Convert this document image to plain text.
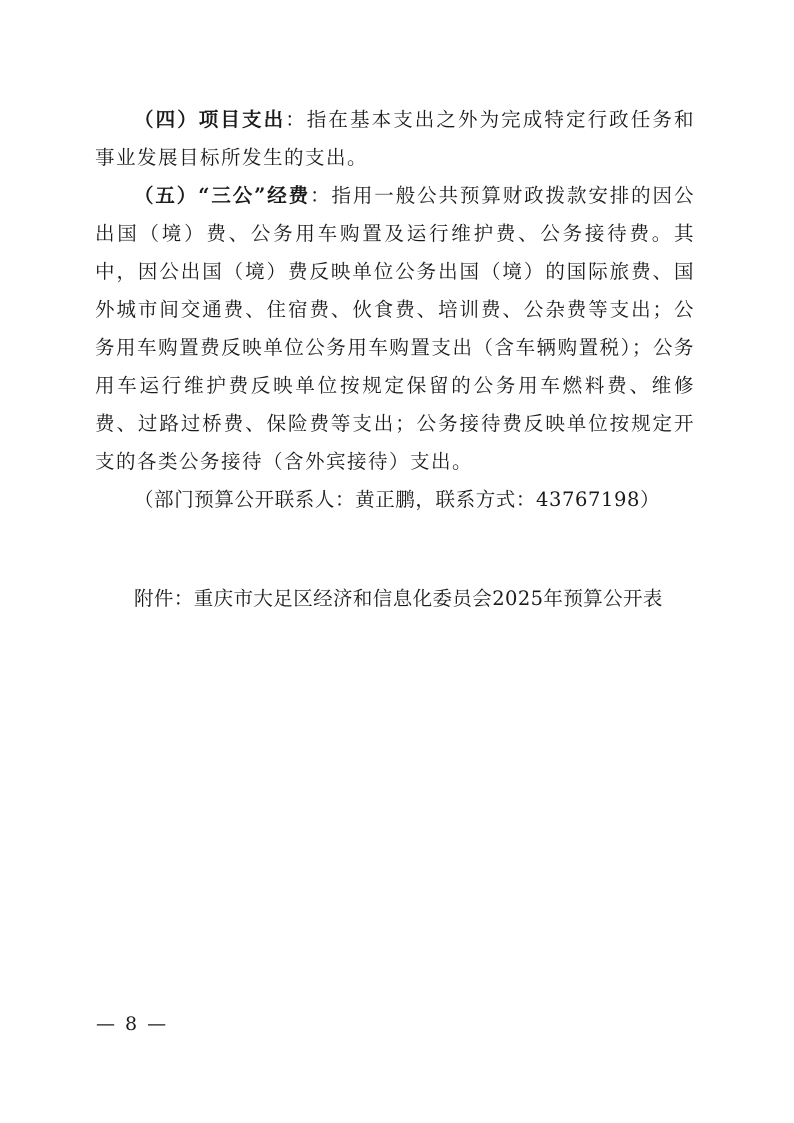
（四）项目支出：指在基本支出之外为完成特定行政任务和事业发展目标所发生的支出。

（五）“三公”经费：指用一般公共预算财政拨款安排的因公出国（境）费、公务用车购置及运行维护费、公务接待费。其中，因公出国（境）费反映单位公务出国（境）的国际旅费、国外城市间交通费、住宿费、伙食费、培训费、公杂费等支出；公务用车购置费反映单位公务用车购置支出（含车辆购置税）；公务用车运行维护费反映单位按规定保留的公务用车燃料费、维修费、过路过桥费、保险费等支出；公务接待费反映单位按规定开支的各类公务接待（含外宾接待）支出。

（部门预算公开联系人：黄正鹏，联系方式：43767198）

附件：重庆市大足区经济和信息化委员会2025年预算公开表

— 8 —
